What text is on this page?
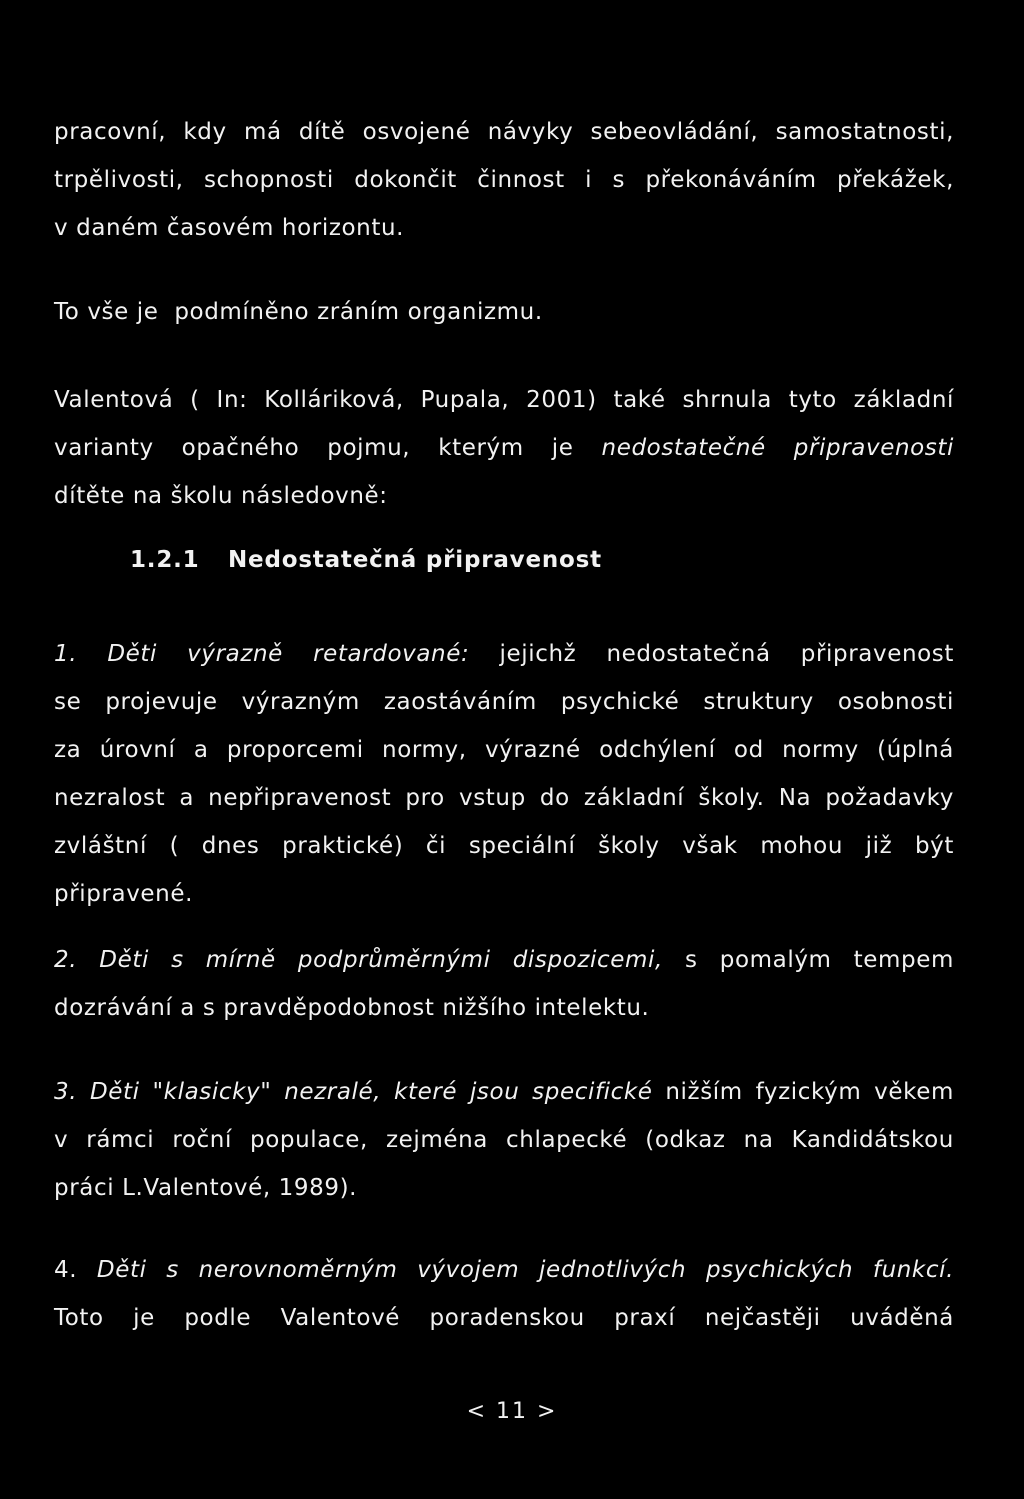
pracovní, kdy má dítě osvojené návyky sebeovládání, samostatnosti,
trpělivosti, schopnosti dokončit činnost i s překonáváním překážek,
v daném časovém horizontu.
To vše je  podmíněno zráním organizmu.
Valentová ( In: Kolláriková, Pupala, 2001) také shrnula tyto základní
varianty opačného pojmu, kterým je nedostatečné připravenosti
dítěte na školu následovně:
1.2.1 Nedostatečná připravenost
1. Děti výrazně retardované: jejichž nedostatečná připravenost
se projevuje výrazným zaostáváním psychické struktury osobnosti
za úrovní a proporcemi normy, výrazné odchýlení od normy (úplná
nezralost a nepřipravenost pro vstup do základní školy. Na požadavky
zvláštní ( dnes praktické) či speciální školy však mohou již být
připravené.
2. Děti s mírně podprůměrnými dispozicemi, s pomalým tempem
dozrávání a s pravděpodobnost nižšího intelektu.
3. Děti "klasicky" nezralé, které jsou specifické nižším fyzickým věkem
v rámci roční populace, zejména chlapecké (odkaz na Kandidátskou
práci L.Valentové, 1989).
4. Děti s nerovnoměrným vývojem jednotlivých psychických funkcí.
Toto je podle Valentové poradenskou praxí nejčastěji uváděná
< 11 >
